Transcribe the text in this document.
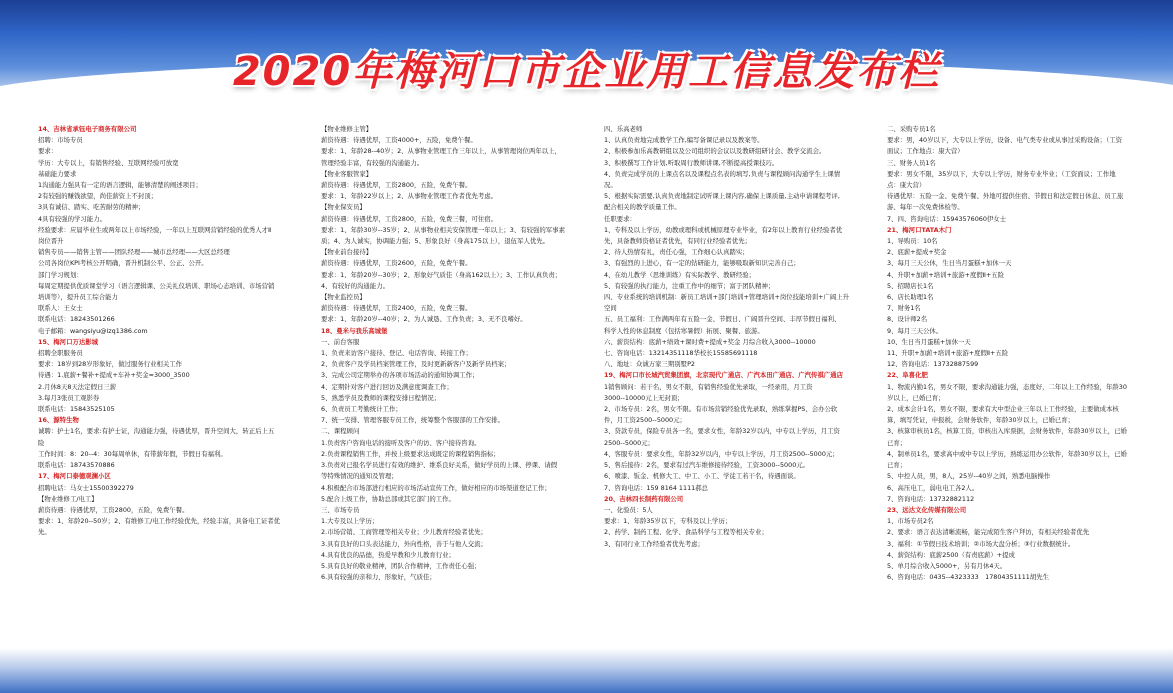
2020年梅河口市企业用工信息发布栏
14、吉林省承钰电子商务有限公司
招聘：市场专员
要求：
学历：大专以上，有销售经验、互联网经验可放宽
基础能力要求
1沟通能力强具有一定的语言逻辑，能够清楚的阐述项目；
2有较强的赚钱欲望，尚佳薪资上不封顶；
3具有诚信、踏实、吃苦耐劳的精神；
4具有较强的学习能力。
经验要求：应届毕业生或两年以上市场经验，一年以上互联网营销经验的优秀人才Ⅱ
岗位晋升
销售专员——销售主管——团队经理——城市总经理——大区总经理
公司各岗位KPI考核公开明确，晋升机制公平、公正、公开。
部门学习规划：
每周定期提供优质课堂学习（语言逻辑课、公关礼仪培训、职场心态培训、市场营销
培训等），提升员工综合能力
联系人：王女士
联系电话：18243501266
电子邮箱：wangsiyu@lzq1386.com
15、梅河口万达影城
招聘全职服务员
要求：18岁到28岁形象好，做过服务行业相关工作
待遇：1.底薪+餐补+提成+车补+奖金≈3000_3500
2.月休8天8天法定假日三薪
3.每月3张员工观影券
联系电话：15843525105
16、源特生物
诚聘：护士1名，要求:有护士证，沟通能力强，待遇优厚，晋升空间大，转正后上五
险
工作时间：8：20--4：30每周单休，有带薪年假，节假日有福利。
联系电话：18743570886
17、梅河口泰德观澜小区
招聘电话：马女士15500392279
【物业维修工/电工】
薪资待遇：待遇优厚，工资2800，五险，免费午餐。
要求：1、年龄20--50岁；2、有维修工/电工作经验优先，经验丰富，具备电工证者优
先。
【物业维修主管】
薪资待遇：待遇优厚，工资4000+，五险，免费午餐。
要求：1、年龄28--40岁；2、从事物业管理工作三年以上，从事管理岗位两年以上，
管理经验丰富，有较强的沟通能力。
【物业客服管家】
薪资待遇：待遇优厚，工资2800，五险，免费午餐。
要求：1、年龄22岁以上；2、从事物业管理工作者优先考虑。
【物业保安员】
薪资待遇：待遇优厚，工资2800，五险，免费三餐，可住宿。
要求：1、年龄30岁--35岁；2、从事物业相关安保管理一年以上；3、有较强的军事素
质；4、为人诚实，协调能力强；5、形象良好（身高175以上），退伍军人优先。
【物业前台接待】
薪资待遇：待遇优厚，工资2600，五险，免费午餐。
要求：1、年龄20岁--30岁；2、形象好气质佳（身高162以上）；3、工作认真负责；
4、有较好的沟通能力。
【物业监控员】
薪资待遇：待遇优厚，工资2400，五险，免费三餐。
要求：1、年龄20岁--40岁；2、为人诚恳、工作负责；3、无不良嗜好。
18、曼米与我乐高城堡
一、前台客服
1、负责来访客户接待、登记、电话咨询、转接工作；
2、负责客户及学员档案管理工作，及时更新新客户及新学员档案；
3、完成公司定期举办的各项市场活动的通知协调工作；
4、定期针对客户进行回访及满意度调查工作；
5、熟悉学员及教师的课程安排日程情况；
6、负责员工考勤统计工作；
7、统一安排、管理客服专员工作，统筹整个客服部的工作安排。
二、课程顾问
1.负责客户咨询电话的接听及客户的访、客户接待咨询。
2.负责课程销售工作，并按上级要求达成既定的课程销售指标；
3.负责对已报名学员进行有效的维护、维系良好关系，做好学员的上课、停课、请假
等特殊情况的通知及管理；
4.积极配合市场部进行相应的市场活动宣传工作，做好相应的市场渠道登记工作；
5.配合上级工作，协助总部或其它部门的工作。
三、市场专员
1.大专及以上学历；
2.市场营销、工商管理等相关专业；少儿教育经验者优先；
3.具有良好的口头表达能力，外向性格，善于与他人交流；
4.具有优良的品德，热爱早教和少儿教育行业；
5.具有良好的敬业精神，团队合作精神，工作责任心强；
6.具有较强的亲和力，形象好，气质佳；
四、乐高老师
1、认真负责地完成教学工作,编写备课记录以及教案等。
2、积极参加乐高教研组以及公司组织的会议以及教研组研讨会、教学交流会。
3、积极撰写工作计划,听取周行教师讲课,不断提高授课技巧。
4、负责完成学员的上课点名以及课程点名表的填写,负责与课程顾问沟通学生上课情
况。
5、根据实际需要,认真负责地制定试听课上课内容,确保上课质量,主动申请课程考评,
配合相关的教学质量工作。
任职要求：
1、专科及以上学历，幼教或理科或机械原理专业毕业，有2年以上教育行业经验者优
先，具备教师资格证者优先，有同行业经验者优先；
2、待人热情有礼，责任心强，工作细心认真踏实；
3、有强烈的上进心，有一定的钻研能力，能够吸取新知识完善自己；
4、在幼儿教学（思维训练）有实际教学、教研经验；
5、有较强的执行能力，注重工作中的细节；富于团队精神；
四、专业系统的培训机制：新员工培训+部门培训+管理培训+岗位技能培训+广阔上升
空间
五、员工福利：工作满两年有五险一金、节假日、广阔晋升空间、丰厚节假日福利、
科学人性的休息制度（包括寒暑假）拓展、聚餐、旅游。
六、薪资结构：底薪+绩效+课时费+提成+奖金 月综合收入3000--10000
七、咨询电话：13214351118华校长15585691118
八、地址：众诚万家三期别墅P2
19、梅河口市长城汽贸集团旗，北京现代广通店、广汽本田广通店、广汽传祺广通店
1销售顾问：若干名，男女不限，有销售经验优先录取，一经录用，月工资
3000--10000元上无封顶；
2、市场专员：2名，男女不限。有市场营销经验优先录取，熟练掌握PS、会办公软
件，月工资2500--5000元；
3、贷款专员，保险专员各一名，要求女性，年龄32岁以内，中专以上学历，月工资
2500--5000元；
4、客服专员：要求女性，年龄32岁以内，中专以上学历，月工资2500--5000元；
5、售后接待：2名，要求有过汽车维修接待经验，工资3000--5000元。
6、喷漆、钣金、机修大工、中工、小工、学徒工若干名，待遇面谈。
7、咨询电话：159 8164 1111郝总
20、吉林四长制药有限公司
一、化验员：5人
要求：1、年龄35岁以下，专科及以上学历；
2、药学、制药工程、化学、食品科学与工程等相关专业；
3、有同行业工作经验者优先考虑；
二、采购专员1名
要求：男，40岁以下，大专以上学历，设备、电气类专业或从事过采购设备；（工资
面议；工作地点：康大营）
三、财务人员1名
要求：男女不限，35岁以下，大专以上学历，财务专业毕业；（工资面议；工作地
点：康大营）
待遇优厚：五险一金、免费午餐、外地可提供住宿、节假日和法定假日休息、员工旅
游、每年一次免费体检等。
7、四、咨询电话：15943576060伊女士
21、梅河口TATA木门
1、导购员：10名
2、底薪+提成+奖金
3、每月三天公休，生日当月蛋糕+加休一天
4、升职+加薪+培训+旅游+度假Ⅱ+五险
5、招聘店长1名
6、店长助理1名
7、财务1名
8、设计师2名
9、每月三天公休。
10、生日当月蛋糕+加休一天
11、升职+加薪+培训+旅游+度假Ⅱ+五险
12、咨询电话：13732887599
22、阜喜化肥
1、物流内勤1名，男女不限，要求沟通能力强，态度好，二年以上工作经验，年龄30
岁以上，已婚已育；
2、成本会计1名，男女不限，要求有大中型企业三年以上工作经验，主要做成本核
算，填写凭证，申报税，会财务软件，年龄30岁以上，已婚已育；
3、核算审核员1名，核算工资，审核出入库票据，会财务软件，年龄30岁以上，已婚
已育；
4、制单员1名，要求高中或中专以上学历，熟练运用办公软件，年龄30岁以上，已婚
已育；
5、中控人员，男，8人，25岁--40岁之间，熟悉电脑操作
6、高压电工，弱电电工各2人。
7、咨询电话：13732882112
23、远达文化传媒有限公司
1、市场专员2名
2、要求：语言表达清晰流畅，能完成陌生客户拜访，有相关经验者优先
3、福利：①节假日技术培训；②市场大盘分析；③行业数据统计。
4、薪资结构：底薪2500（有责底薪）+提成
5、单月综合收入5000+，另有月休4天。
6、咨询电话：0435--4323333　17804351111胡先生
